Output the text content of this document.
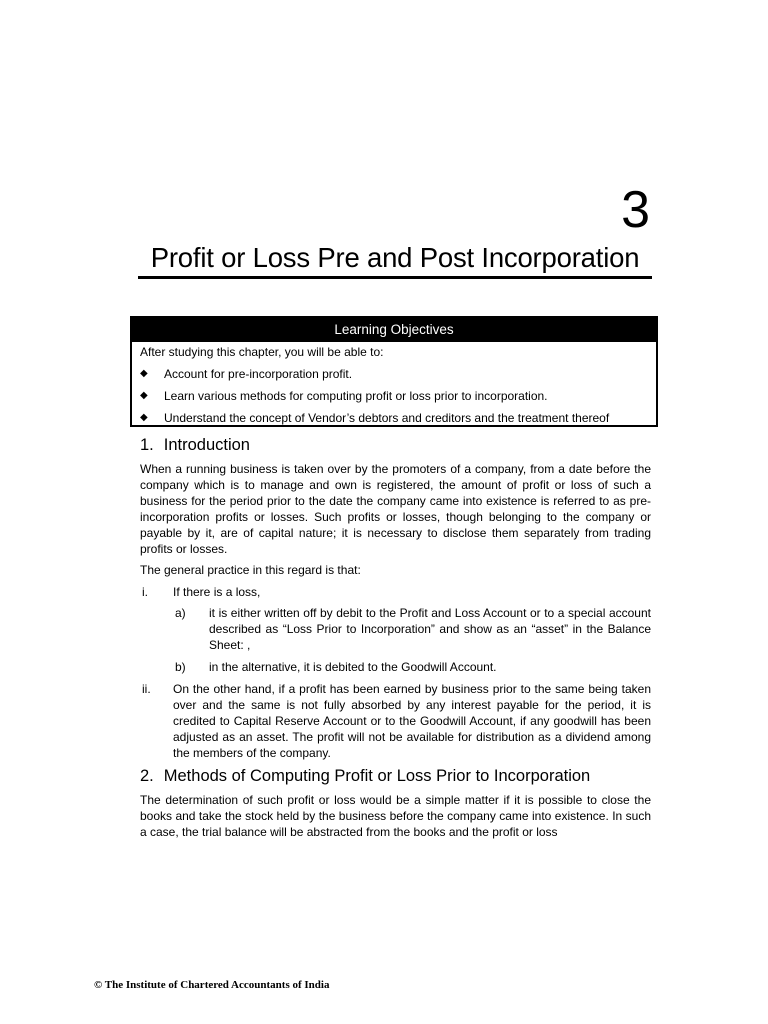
3
Profit or Loss Pre and Post Incorporation
Learning Objectives
After studying this chapter, you will be able to:
◆	Account for pre-incorporation profit.
◆	Learn various methods for computing profit or loss prior to incorporation.
◆	Understand the concept of Vendor’s debtors and creditors and the treatment thereof
1. Introduction
When a running business is taken over by the promoters of a company, from a date before the company which is to manage and own is registered, the amount of profit or loss of such a business for the period prior to the date the company came into existence is referred to as pre-incorporation profits or losses. Such profits or losses, though belonging to the company or payable by it, are of capital nature; it is necessary to disclose them separately from trading profits or losses.
The general practice in this regard is that:
i. If there is a loss,
a) it is either written off by debit to the Profit and Loss Account or to a special account described as “Loss Prior to Incorporation” and show as an “asset” in the Balance Sheet: ,
b) in the alternative, it is debited to the Goodwill Account.
ii. On the other hand, if a profit has been earned by business prior to the same being taken over and the same is not fully absorbed by any interest payable for the period, it is credited to Capital Reserve Account or to the Goodwill Account, if any goodwill has been adjusted as an asset. The profit will not be available for distribution as a dividend among the members of the company.
2. Methods of Computing Profit or Loss Prior to Incorporation
The determination of such profit or loss would be a simple matter if it is possible to close the books and take the stock held by the business before the company came into existence. In such a case, the trial balance will be abstracted from the books and the profit or loss
© The Institute of Chartered Accountants of India
